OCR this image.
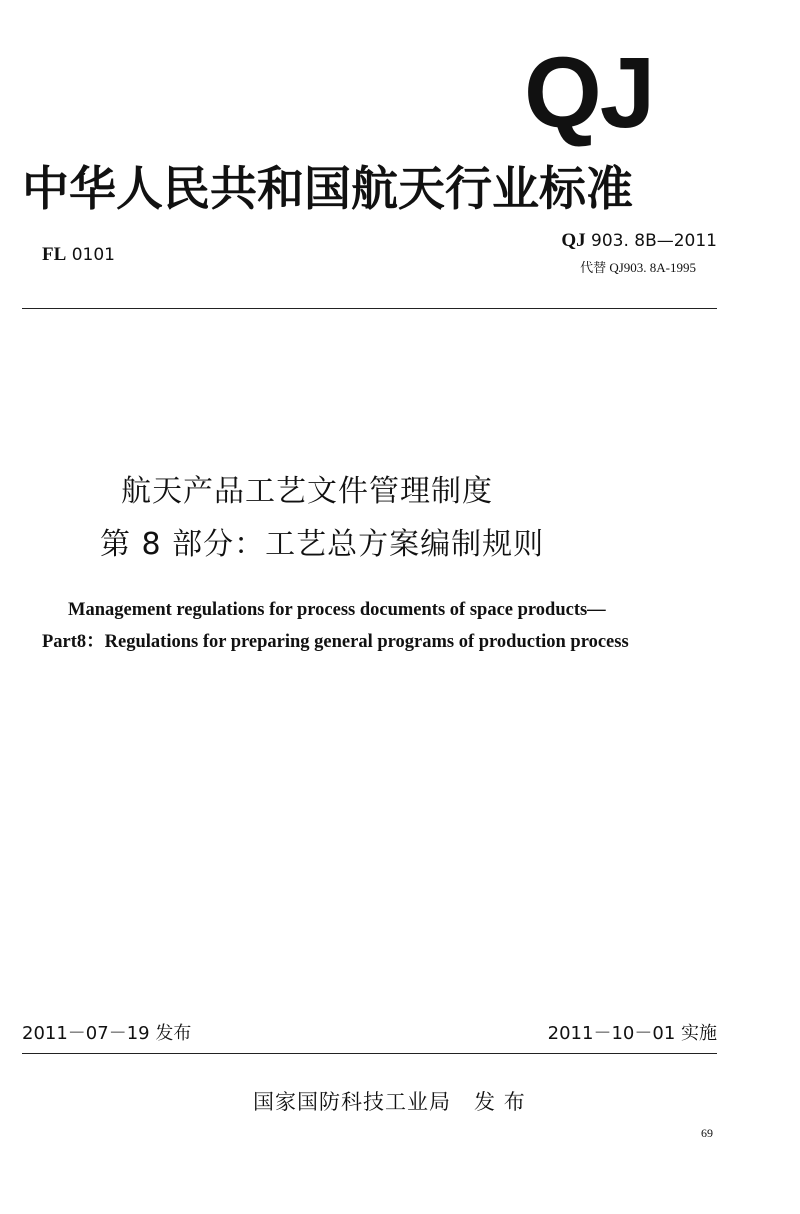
QJ
中华人民共和国航天行业标准
FL 0101
QJ 903. 8B—2011
代替 QJ903. 8A-1995
航天产品工艺文件管理制度
第 8 部分：工艺总方案编制规则
Management regulations for process documents of space products—
Part8：Regulations for preparing general programs of production process
2011－07－19 发布	2011－10－01 实施
国家国防科技工业局 发 布
69
